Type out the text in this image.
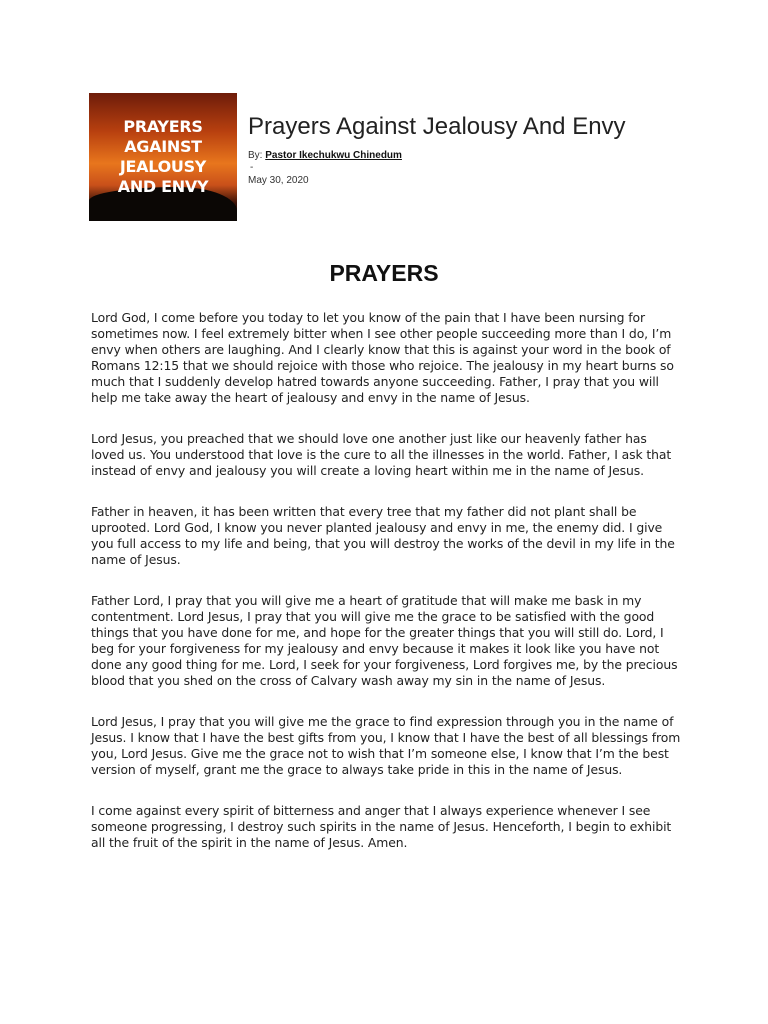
PRAYERS
AGAINST
JEALOUSY
AND ENVY
Prayers Against Jealousy And Envy
By: Pastor Ikechukwu Chinedum
-
May 30, 2020
PRAYERS

Lord God, I come before you today to let you know of the pain that I have been nursing for sometimes now. I feel extremely bitter when I see other people succeeding more than I do, I’m envy when others are laughing. And I clearly know that this is against your word in the book of Romans 12:15 that we should rejoice with those who rejoice. The jealousy in my heart burns so much that I suddenly develop hatred towards anyone succeeding. Father, I pray that you will help me take away the heart of jealousy and envy in the name of Jesus.

Lord Jesus, you preached that we should love one another just like our heavenly father has loved us. You understood that love is the cure to all the illnesses in the world. Father, I ask that instead of envy and jealousy you will create a loving heart within me in the name of Jesus.

Father in heaven, it has been written that every tree that my father did not plant shall be uprooted. Lord God, I know you never planted jealousy and envy in me, the enemy did. I give you full access to my life and being, that you will destroy the works of the devil in my life in the name of Jesus.

Father Lord, I pray that you will give me a heart of gratitude that will make me bask in my contentment. Lord Jesus, I pray that you will give me the grace to be satisfied with the good things that you have done for me, and hope for the greater things that you will still do. Lord, I beg for your forgiveness for my jealousy and envy because it makes it look like you have not done any good thing for me. Lord, I seek for your forgiveness, Lord forgives me, by the precious blood that you shed on the cross of Calvary wash away my sin in the name of Jesus.

Lord Jesus, I pray that you will give me the grace to find expression through you in the name of Jesus. I know that I have the best gifts from you, I know that I have the best of all blessings from you, Lord Jesus. Give me the grace not to wish that I’m someone else, I know that I’m the best version of myself, grant me the grace to always take pride in this in the name of Jesus.

I come against every spirit of bitterness and anger that I always experience whenever I see someone progressing, I destroy such spirits in the name of Jesus. Henceforth, I begin to exhibit all the fruit of the spirit in the name of Jesus. Amen.
